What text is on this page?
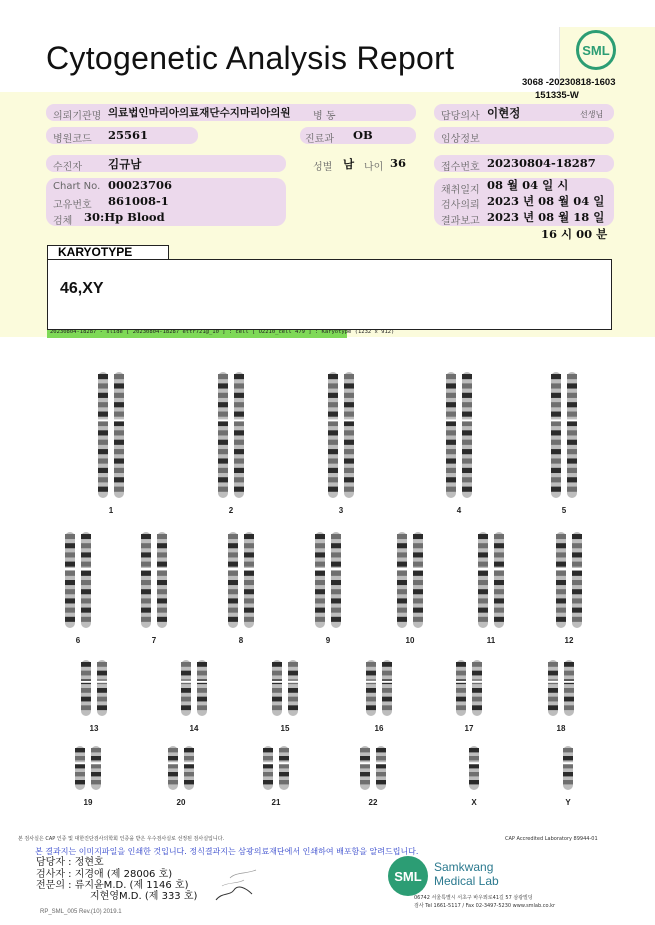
Cytogenetic Analysis Report	SML
3068 -20230818-1603
151335-W
의뢰기관명 의료법인마리아의료재단수지마리아의원 병 동	담당의사 이현정	선생님
병원코드 25561	진료과 OB	임상정보
수진자 김규남	성별 남 나이 36	접수번호 20230804-18287
Chart No. 00023706
고유번호 861008-1
검체 30:Hp Blood
채취일지 08 월 04 일 시
검사의뢰 2023 년 08 월 04 일
결과보고 2023 년 08 월 18 일
16 시 00 분
KARYOTYPE
46,XY
20230804-18287 - slide [ 20230804-18287 ettr721@_10 ] : cell [ O2210_cell 479 ] : Karyotype (1232 x 912)
1	2	3	4	5
6	7	8	9	10	11	12
13	14	15	16	17	18
19	20	21	22	X	Y
본 검사실은 CAP 인증 및 대한진단검사의학회 인증을 받은 우수검사실로 선정된 검사실입니다.	CAP Accredited Laboratory 89944-01
본 결과지는 이미지파일을 인쇄한 것입니다. 정식결과지는 삼광의료재단에서 인쇄하여 배포함을 알려드립니다.
담당자 : 정현호
검사자 : 지경애 (제 28006 호)
전문의 : 류지윤M.D. (제 1146 호)
지현영M.D. (제 333 호)
SML
Samkwang
Medical Lab
06742 서울특별시 서초구 바우뫼로41길 57 삼광빌딩
검사 Tel 1661-5117 / Fax 02-3497-5230 www.smlab.co.kr
RP_SML_005 Rev.(10) 2019.1
